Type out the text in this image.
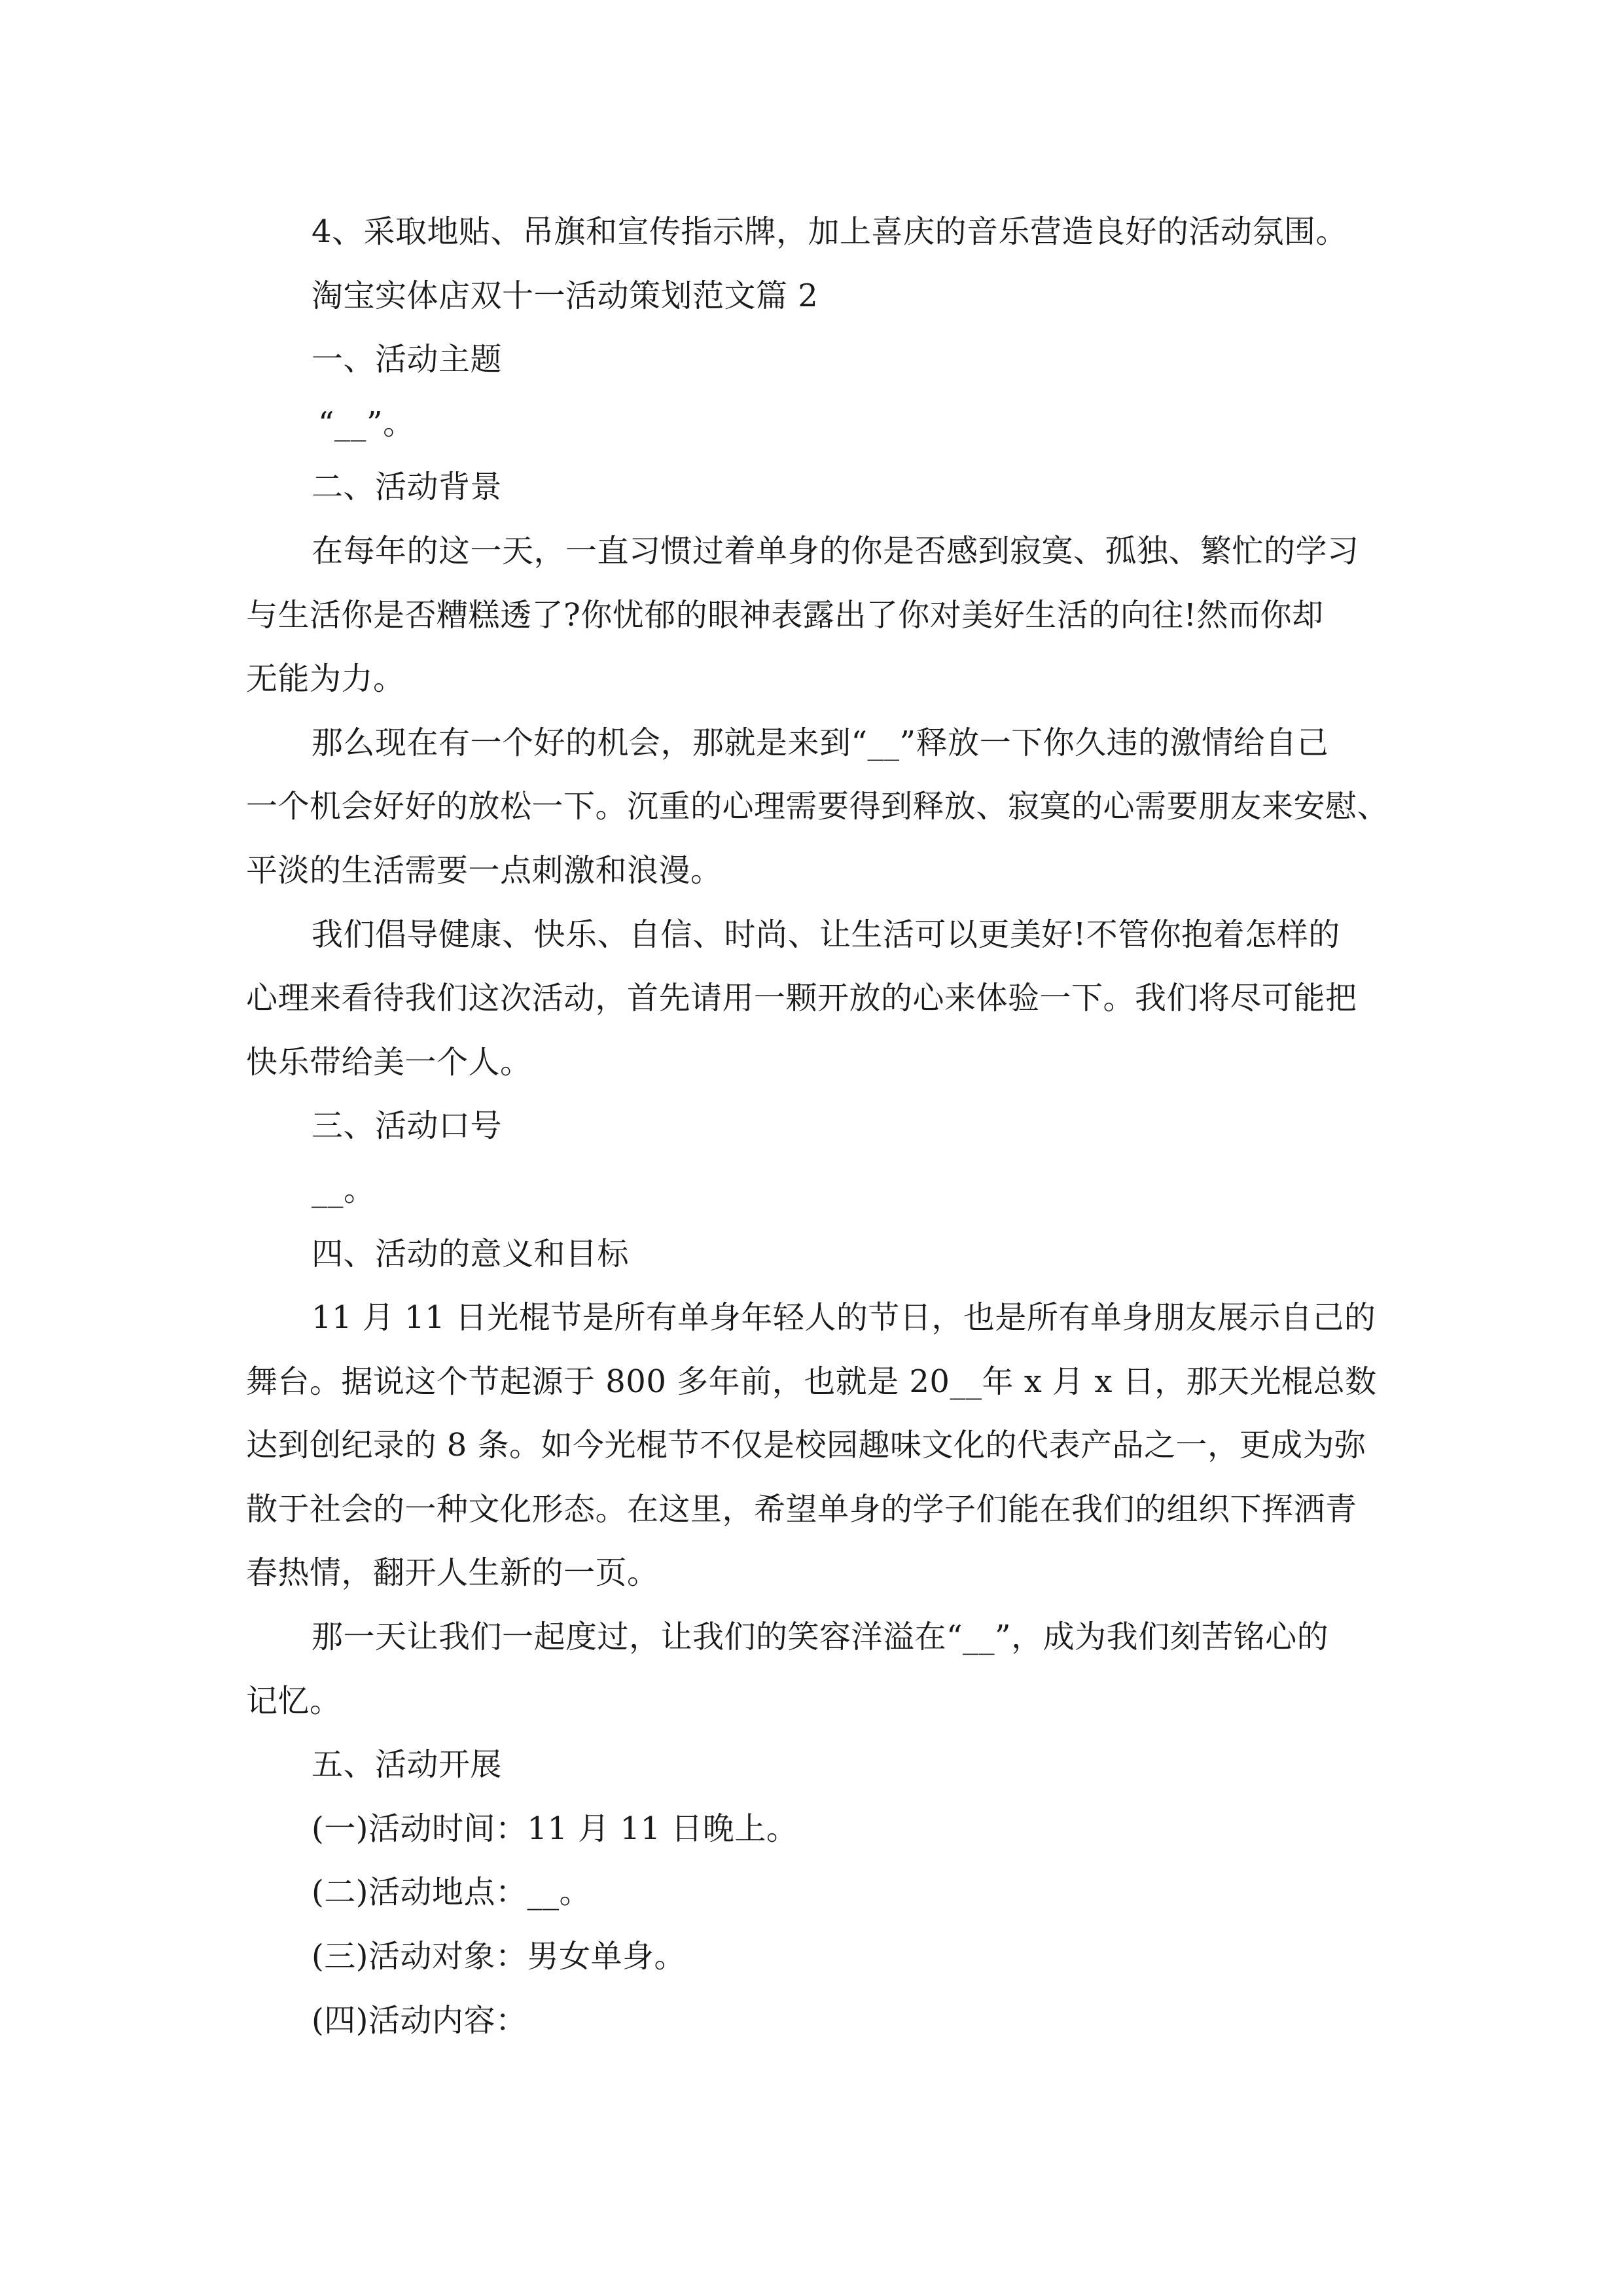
4、采取地贴、吊旗和宣传指示牌，加上喜庆的音乐营造良好的活动氛围。

淘宝实体店双十一活动策划范文篇 2

一、活动主题

“__”。

二、活动背景

在每年的这一天，一直习惯过着单身的你是否感到寂寞、孤独、繁忙的学习

与生活你是否糟糕透了?你忧郁的眼神表露出了你对美好生活的向往!然而你却

无能为力。

那么现在有一个好的机会，那就是来到“__”释放一下你久违的激情给自己

一个机会好好的放松一下。沉重的心理需要得到释放、寂寞的心需要朋友来安慰、

平淡的生活需要一点刺激和浪漫。

我们倡导健康、快乐、自信、时尚、让生活可以更美好!不管你抱着怎样的

心理来看待我们这次活动，首先请用一颗开放的心来体验一下。我们将尽可能把

快乐带给美一个人。

三、活动口号

__。

四、活动的意义和目标

11 月 11 日光棍节是所有单身年轻人的节日，也是所有单身朋友展示自己的

舞台。据说这个节起源于 800 多年前，也就是 20__年 x 月 x 日，那天光棍总数

达到创纪录的 8 条。如今光棍节不仅是校园趣味文化的代表产品之一，更成为弥

散于社会的一种文化形态。在这里，希望单身的学子们能在我们的组织下挥洒青

春热情，翻开人生新的一页。

那一天让我们一起度过，让我们的笑容洋溢在“__”，成为我们刻苦铭心的

记忆。

五、活动开展

(一)活动时间：11 月 11 日晚上。

(二)活动地点：__。

(三)活动对象：男女单身。

(四)活动内容：
